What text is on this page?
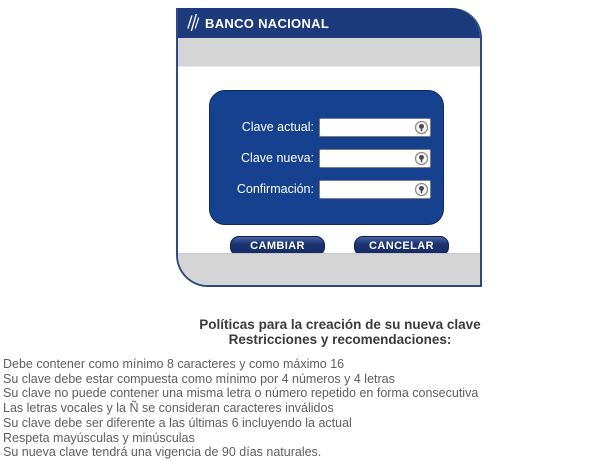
BANCO NACIONAL
Clave actual:
Clave nueva:
Confirmación:
CAMBIAR	CANCELAR
Políticas para la creación de su nueva clave
Restricciones y recomendaciones:
Debe contener como mínimo 8 caracteres y como máximo 16
Su clave debe estar compuesta como mínimo por 4 números y 4 letras
Su clave no puede contener una misma letra o número repetido en forma consecutiva
Las letras vocales y la Ñ se consideran caracteres inválidos
Su clave debe ser diferente a las últimas 6 incluyendo la actual
Respeta mayúsculas y minúsculas
Su nueva clave tendrá una vigencia de 90 días naturales.
